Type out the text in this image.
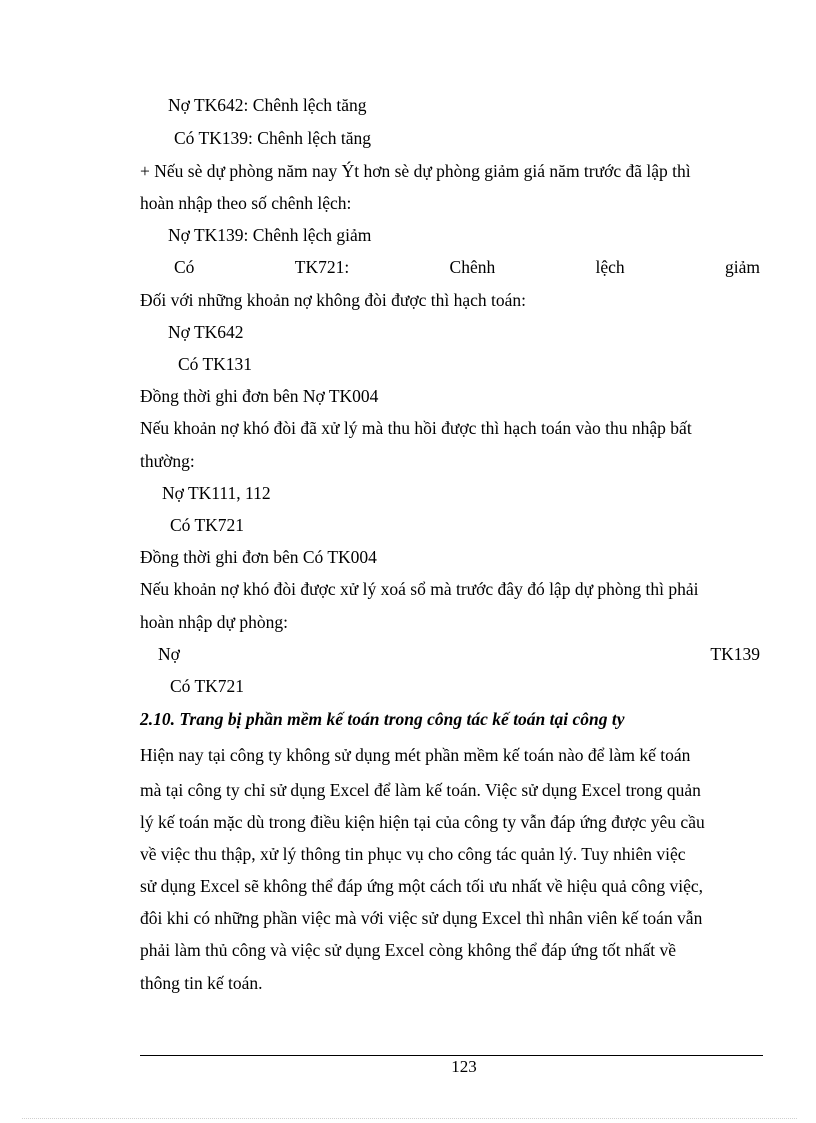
Nợ TK642: Chênh lệch tăng
Có TK139: Chênh lệch tăng
+ Nếu sè dự phòng năm nay Ýt hơn sè dự phòng giảm giá năm trước đã lập thì
hoàn nhập theo số chênh lệch:
Nợ TK139: Chênh lệch giảm
Có	TK721:	Chênh	lệch	giảm
Đối với những khoản nợ không đòi được thì hạch toán:
Nợ TK642
Có TK131
Đồng thời ghi đơn bên Nợ TK004
Nếu khoản nợ khó đòi đã xử lý mà thu hồi được thì hạch toán vào thu nhập bất
thường:
Nợ TK111, 112
Có TK721
Đồng thời ghi đơn bên Có TK004
Nếu khoản nợ khó đòi được xử lý xoá sổ mà trước đây đó lập dự phòng thì phải
hoàn nhập dự phòng:
Nợ	TK139
Có TK721
2.10. Trang bị phần mềm kế toán trong công tác kế toán tại công ty
Hiện nay tại công ty không sử dụng mét phần mềm kế toán nào để làm kế toán
mà tại công ty chỉ sử dụng Excel để làm kế toán. Việc sử dụng Excel trong quản
lý kế toán mặc dù trong điều kiện hiện tại của công ty vẫn đáp ứng được yêu cầu
về việc thu thập, xử lý thông tin phục vụ cho công tác quản lý. Tuy nhiên việc
sử dụng Excel sẽ không thể đáp ứng một cách tối ưu nhất về hiệu quả công việc,
đôi khi có những phần việc mà với việc sử dụng Excel thì nhân viên kế toán vẫn
phải làm thủ công và việc sử dụng Excel còng không thể đáp ứng tốt nhất về
thông tin kế toán.
123
